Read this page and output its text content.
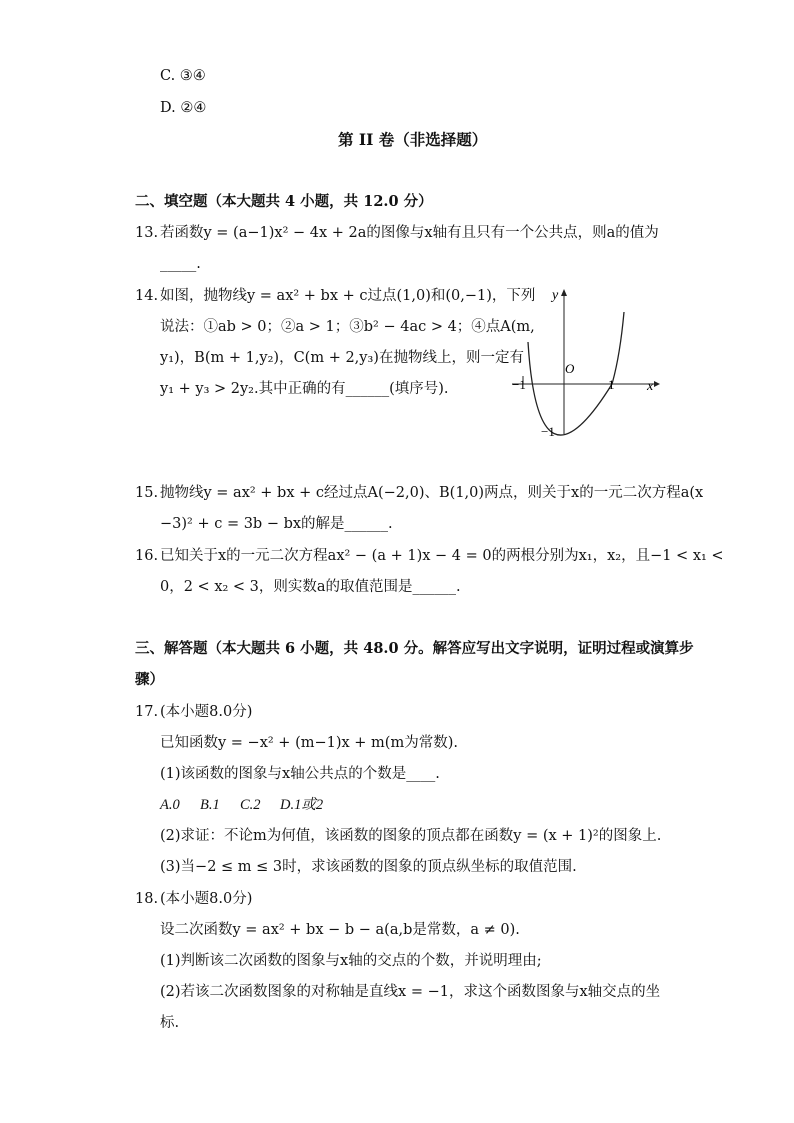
C. ③④
D. ②④
第 II 卷（非选择题）
二、填空题（本大题共 4 小题，共 12.0 分）
13. 若函数y = (a−1)x² − 4x + 2a的图像与x轴有且只有一个公共点，则a的值为
_____.
14. 如图，抛物线y = ax² + bx + c过点(1,0)和(0,−1)，下列
说法：①ab > 0；②a > 1；③b² − 4ac > 4；④点A(m,
y₁)，B(m + 1,y₂)，C(m + 2,y₃)在抛物线上，则一定有
y₁ + y₃ > 2y₂.其中正确的有______(填序号).
y
x
O
−1	1
−1
15. 抛物线y = ax² + bx + c经过点A(−2,0)、B(1,0)两点，则关于x的一元二次方程a(x
−3)² + c = 3b − bx的解是______.
16. 已知关于x的一元二次方程ax² − (a + 1)x − 4 = 0的两根分别为x₁，x₂，且−1 < x₁ <
0，2 < x₂ < 3，则实数a的取值范围是______.
三、解答题（本大题共 6 小题，共 48.0 分。解答应写出文字说明，证明过程或演算步
骤）
17. (本小题8.0分)
已知函数y = −x² + (m−1)x + m(m为常数).
(1)该函数的图象与x轴公共点的个数是____.
A.0 B.1 C.2 D.1或2
(2)求证：不论m为何值，该函数的图象的顶点都在函数y = (x + 1)²的图象上.
(3)当−2 ≤ m ≤ 3时，求该函数的图象的顶点纵坐标的取值范围.
18. (本小题8.0分)
设二次函数y = ax² + bx − b − a(a,b是常数，a ≠ 0).
(1)判断该二次函数的图象与x轴的交点的个数，并说明理由;
(2)若该二次函数图象的对称轴是直线x = −1，求这个函数图象与x轴交点的坐
标.
